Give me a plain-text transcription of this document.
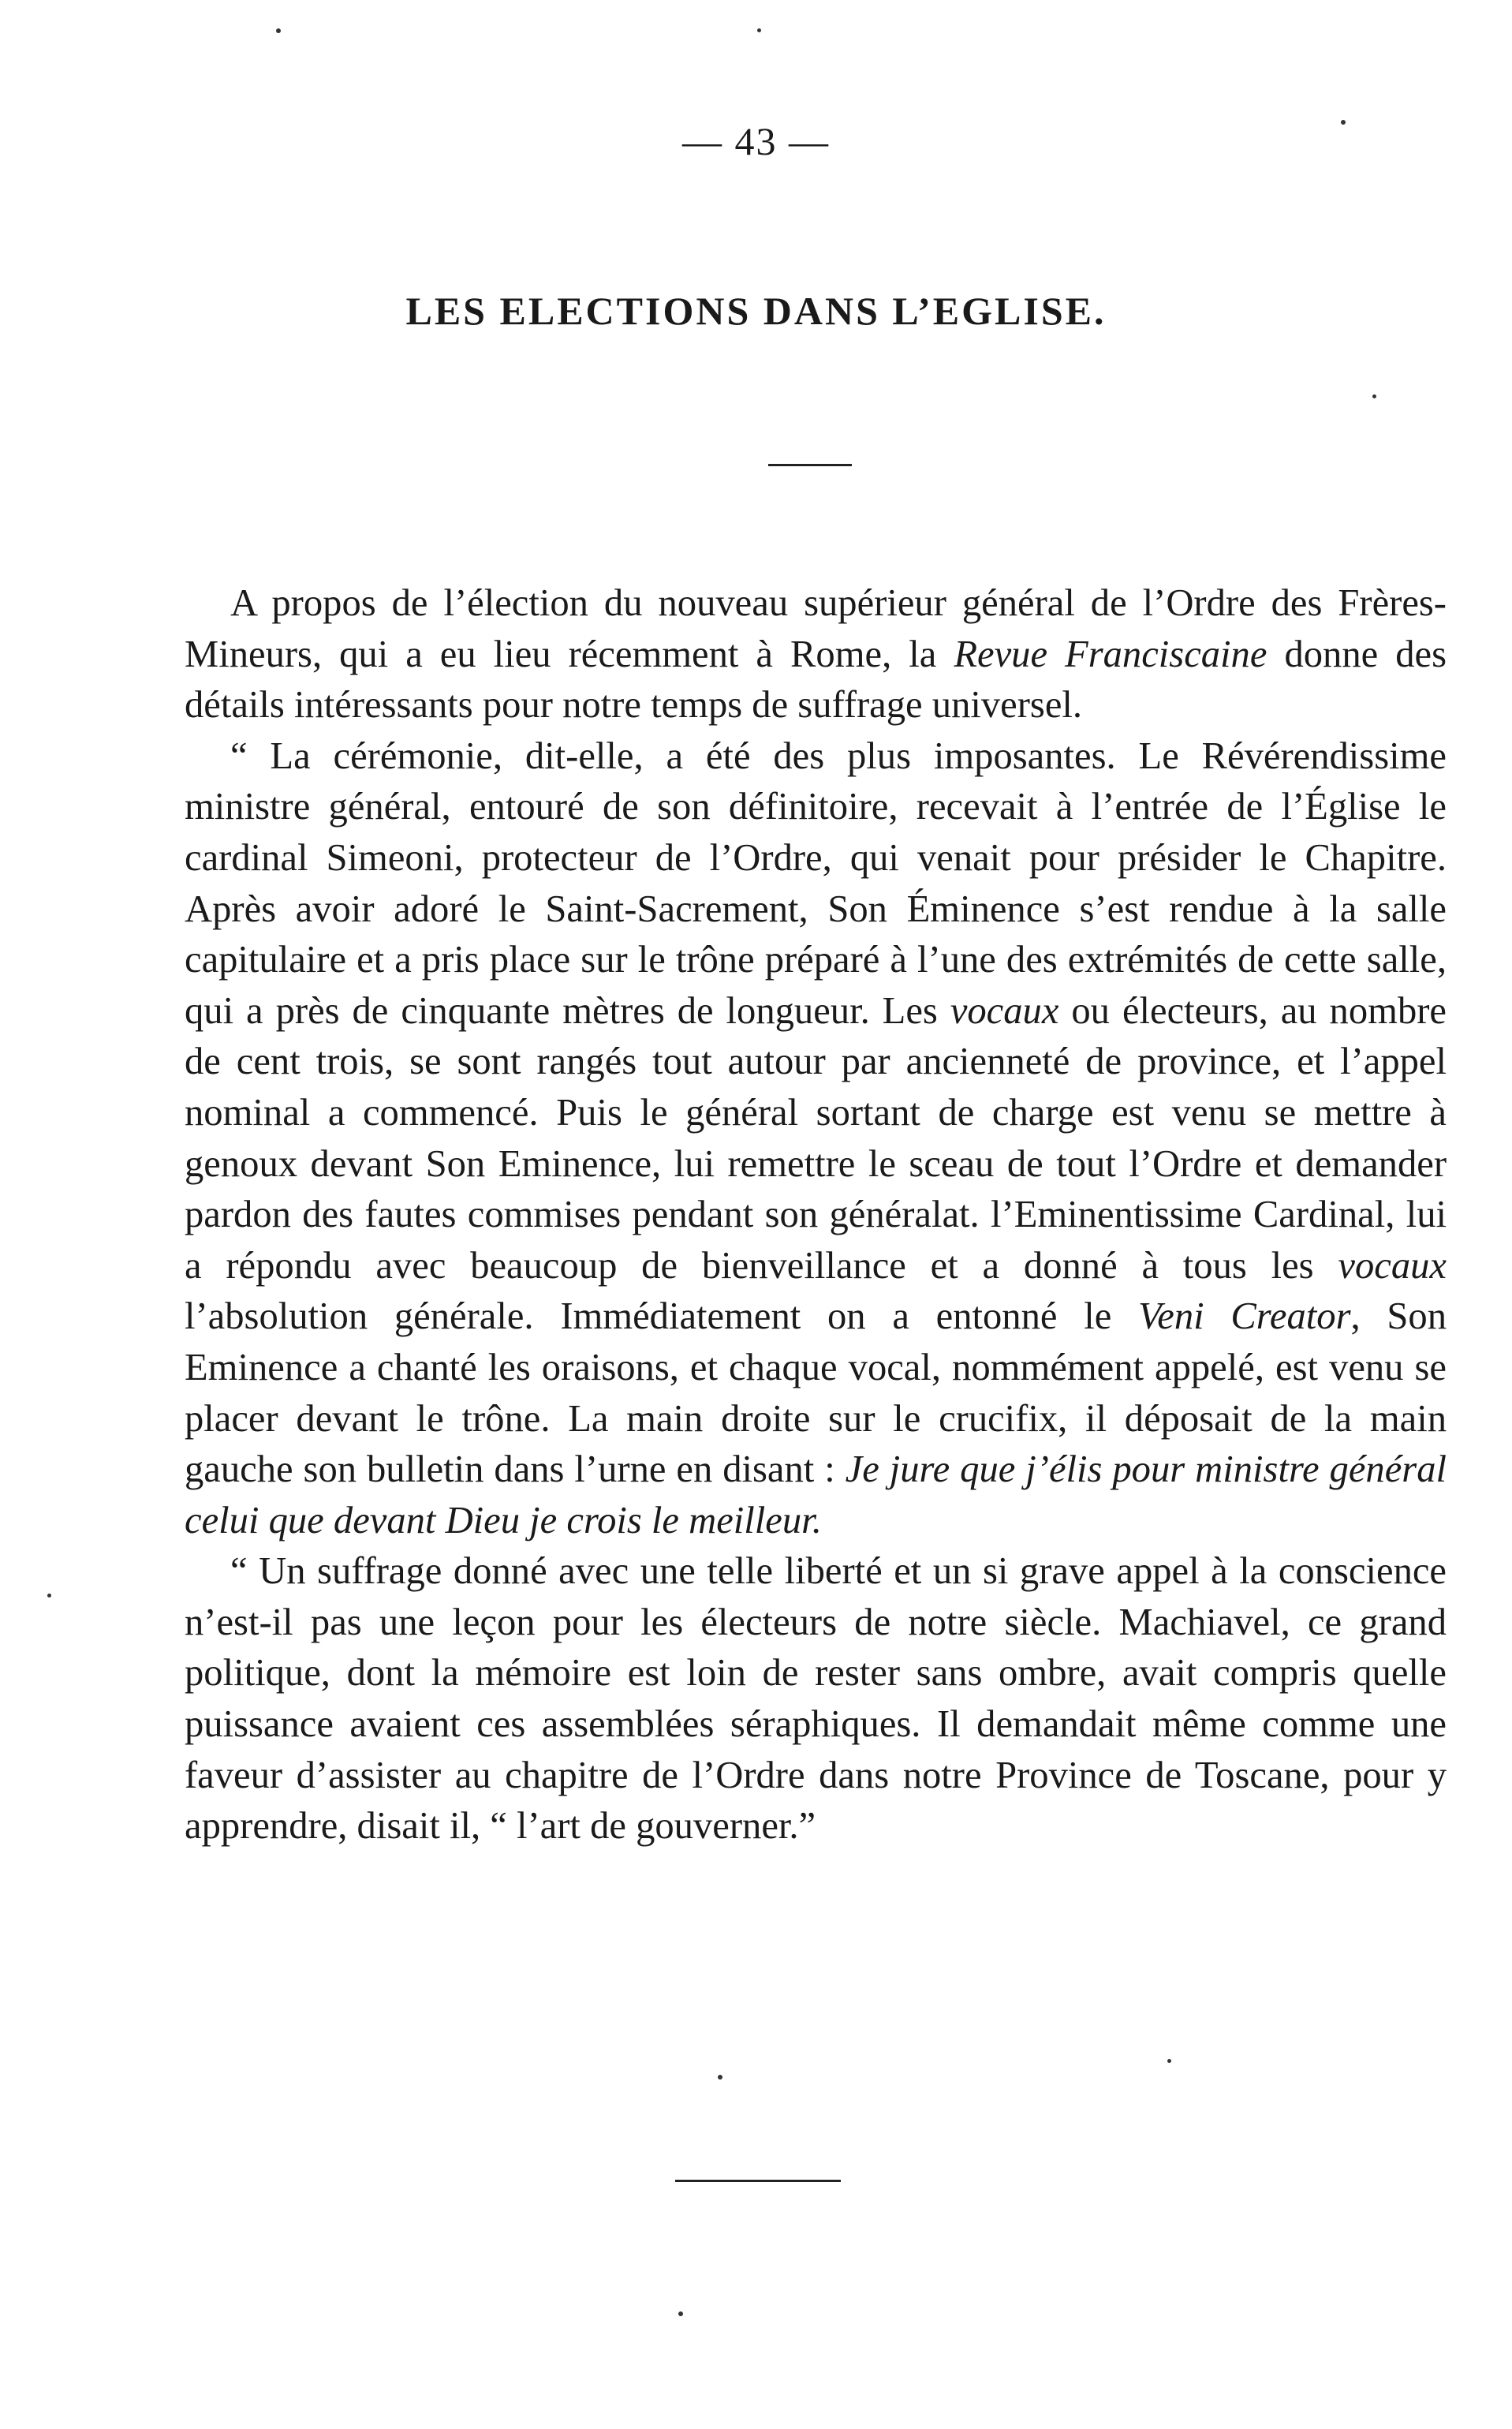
— 43 —
LES ELECTIONS DANS L’EGLISE.

A propos de l’élection du nouveau supérieur général de l’Ordre des Frères-Mineurs, qui a eu lieu récemment à Rome, la Revue Franciscaine donne des détails intéressants pour notre temps de suffrage universel.

“ La cérémonie, dit-elle, a été des plus imposantes. Le Révérendissime ministre général, entouré de son définitoire, recevait à l’entrée de l’Église le cardinal Simeoni, protecteur de l’Ordre, qui venait pour présider le Chapitre. Après avoir adoré le Saint-Sacrement, Son Éminence s’est rendue à la salle capitulaire et a pris place sur le trône préparé à l’une des extrémités de cette salle, qui a près de cinquante mètres de longueur. Les vocaux ou électeurs, au nombre de cent trois, se sont rangés tout autour par ancienneté de province, et l’appel nominal a commencé. Puis le général sortant de charge est venu se mettre à genoux devant Son Eminence, lui remettre le sceau de tout l’Ordre et demander pardon des fautes commises pendant son généralat. l’Eminentissime Cardinal, lui a répondu avec beaucoup de bienveillance et a donné à tous les vocaux l’absolution générale. Immédiatement on a entonné le Veni Creator, Son Eminence a chanté les oraisons, et chaque vocal, nommément appelé, est venu se placer devant le trône. La main droite sur le crucifix, il déposait de la main gauche son bulletin dans l’urne en disant : Je jure que j’élis pour ministre général celui que devant Dieu je crois le meilleur.

“ Un suffrage donné avec une telle liberté et un si grave appel à la conscience n’est-il pas une leçon pour les électeurs de notre siècle. Machiavel, ce grand politique, dont la mémoire est loin de rester sans ombre, avait compris quelle puissance avaient ces assemblées séraphiques. Il demandait même comme une faveur d’assister au chapitre de l’Ordre dans notre Province de Toscane, pour y apprendre, disait il, “ l’art de gouverner.”
